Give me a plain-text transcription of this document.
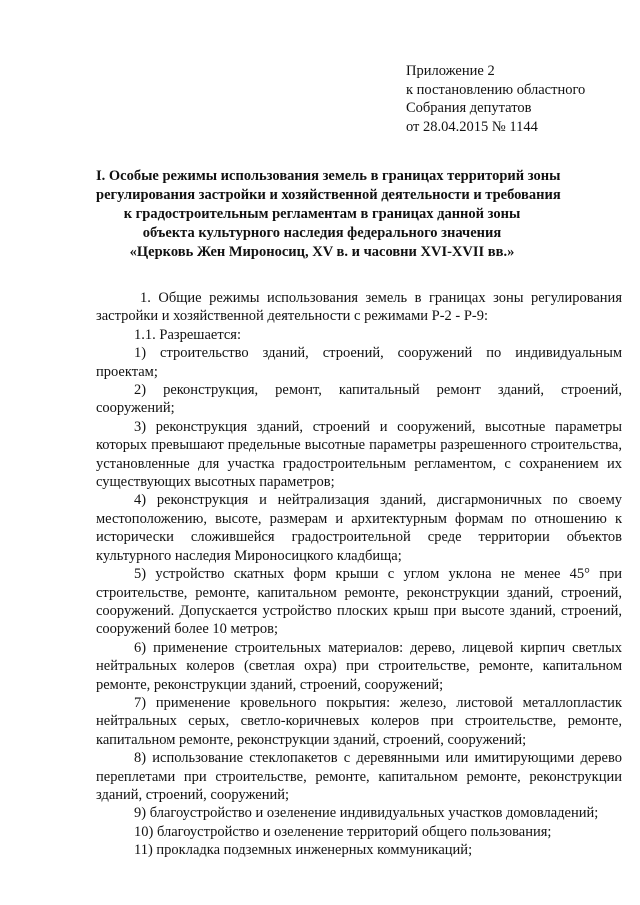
Приложение 2
к постановлению областного
Собрания депутатов
от 28.04.2015 № 1144
I. Особые режимы использования земель в границах территорий зоны
регулирования застройки и хозяйственной деятельности и требования
к градостроительным регламентам в границах данной зоны
объекта культурного наследия федерального значения
«Церковь Жен Мироносиц, XV в. и часовни XVI-XVII вв.»

1. Общие режимы использования земель в границах зоны регулирования застройки и хозяйственной деятельности с режимами Р-2 - Р-9:

1.1. Разрешается:

1) строительство зданий, строений, сооружений по индивидуальным проектам;

2) реконструкция, ремонт, капитальный ремонт зданий, строений, сооружений;

3) реконструкция зданий, строений и сооружений, высотные параметры которых превышают предельные высотные параметры разрешенного строительства, установленные для участка градостроительным регламентом, с сохранением их существующих высотных параметров;

4) реконструкция и нейтрализация зданий, дисгармоничных по своему местоположению, высоте, размерам и архитектурным формам по отношению к исторически сложившейся градостроительной среде территории объектов культурного наследия Мироносицкого кладбища;

5) устройство скатных форм крыши с углом уклона не менее 45° при строительстве, ремонте, капитальном ремонте, реконструкции зданий, строений, сооружений. Допускается устройство плоских крыш при высоте зданий, строений, сооружений более 10 метров;

6) применение строительных материалов: дерево, лицевой кирпич светлых нейтральных колеров (светлая охра) при строительстве, ремонте, капитальном ремонте, реконструкции зданий, строений, сооружений;

7) применение кровельного покрытия: железо, листовой металлопластик нейтральных серых, светло-коричневых колеров при строительстве, ремонте, капитальном ремонте, реконструкции зданий, строений, сооружений;

8) использование стеклопакетов с деревянными или имитирующими дерево переплетами при строительстве, ремонте, капитальном ремонте, реконструкции зданий, строений, сооружений;

9) благоустройство и озеленение индивидуальных участков домовладений;

10) благоустройство и озеленение территорий общего пользования;

11) прокладка подземных инженерных коммуникаций;
